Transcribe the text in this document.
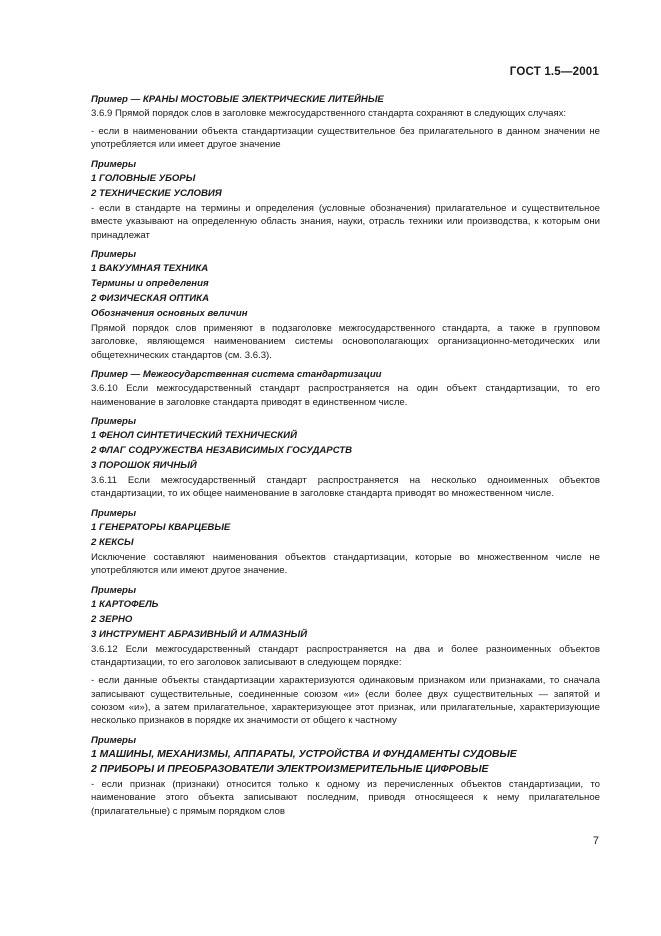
ГОСТ 1.5—2001
Пример — КРАНЫ МОСТОВЫЕ ЭЛЕКТРИЧЕСКИЕ ЛИТЕЙНЫЕ
3.6.9 Прямой порядок слов в заголовке межгосударственного стандарта сохраняют в следующих случаях:
- если в наименовании объекта стандартизации существительное без прилагательного в данном значении не употребляется или имеет другое значение
Примеры
1 ГОЛОВНЫЕ УБОРЫ
2 ТЕХНИЧЕСКИЕ УСЛОВИЯ
- если в стандарте на термины и определения (условные обозначения) прилагательное и существительное вместе указывают на определенную область знания, науки, отрасль техники или производства, к которым они принадлежат
Примеры
1 ВАКУУМНАЯ ТЕХНИКА
Термины и определения
2 ФИЗИЧЕСКАЯ ОПТИКА
Обозначения основных величин
Прямой порядок слов применяют в подзаголовке межгосударственного стандарта, а также в групповом заголовке, являющемся наименованием системы основополагающих организационно-методических или общетехнических стандартов (см. 3.6.3).
Пример — Межгосударственная система стандартизации
3.6.10 Если межгосударственный стандарт распространяется на один объект стандартизации, то его наименование в заголовке стандарта приводят в единственном числе.
Примеры
1 ФЕНОЛ СИНТЕТИЧЕСКИЙ ТЕХНИЧЕСКИЙ
2 ФЛАГ СОДРУЖЕСТВА НЕЗАВИСИМЫХ ГОСУДАРСТВ
3 ПОРОШОК ЯИЧНЫЙ
3.6.11 Если межгосударственный стандарт распространяется на несколько одноименных объектов стандартизации, то их общее наименование в заголовке стандарта приводят во множественном числе.
Примеры
1 ГЕНЕРАТОРЫ КВАРЦЕВЫЕ
2 КЕКСЫ
Исключение составляют наименования объектов стандартизации, которые во множественном числе не употребляются или имеют другое значение.
Примеры
1 КАРТОФЕЛЬ
2 ЗЕРНО
3 ИНСТРУМЕНТ АБРАЗИВНЫЙ И АЛМАЗНЫЙ
3.6.12 Если межгосударственный стандарт распространяется на два и более разноименных объектов стандартизации, то его заголовок записывают в следующем порядке:
- если данные объекты стандартизации характеризуются одинаковым признаком или признаками, то сначала записывают существительные, соединенные союзом «и» (если более двух существительных — запятой и союзом «и»), а затем прилагательное, характеризующее этот признак, или прилагательные, характеризующие несколько признаков в порядке их значимости от общего к частному
Примеры
1 МАШИНЫ, МЕХАНИЗМЫ, АППАРАТЫ, УСТРОЙСТВА И ФУНДАМЕНТЫ СУДОВЫЕ
2 ПРИБОРЫ И ПРЕОБРАЗОВАТЕЛИ ЭЛЕКТРОИЗМЕРИТЕЛЬНЫЕ ЦИФРОВЫЕ
- если признак (признаки) относится только к одному из перечисленных объектов стандартизации, то наименование этого объекта записывают последним, приводя относящееся к нему прилагательное (прилагательные) с прямым порядком слов
7
